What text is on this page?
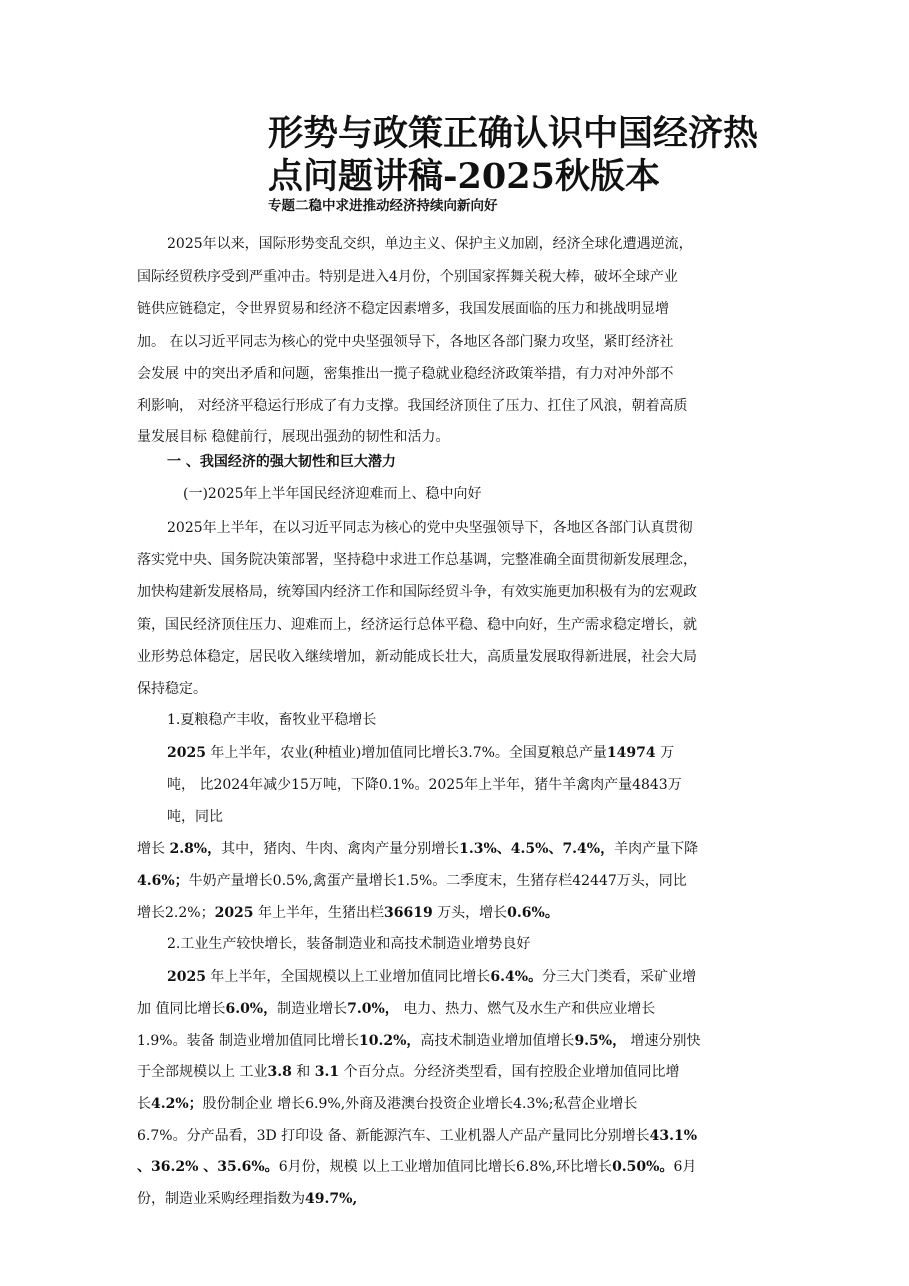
形势与政策正确认识中国经济热
点问题讲稿-2025秋版本
专题二稳中求进推动经济持续向新向好
2025年以来，国际形势变乱交织，单边主义、保护主义加剧，经济全球化遭遇逆流，
国际经贸秩序受到严重冲击。特别是进入4月份，个别国家挥舞关税大棒，破坏全球产业
链供应链稳定，令世界贸易和经济不稳定因素增多，我国发展面临的压力和挑战明显增
加。 在以习近平同志为核心的党中央坚强领导下，各地区各部门聚力攻坚，紧盯经济社
会发展 中的突出矛盾和问题，密集推出一揽子稳就业稳经济政策举措，有力对冲外部不
利影响， 对经济平稳运行形成了有力支撑。我国经济顶住了压力、扛住了风浪，朝着高质
量发展目标 稳健前行，展现出强劲的韧性和活力。
一 、我国经济的强大韧性和巨大潜力
(一)2025年上半年国民经济迎难而上、稳中向好
2025年上半年，在以习近平同志为核心的党中央坚强领导下，各地区各部门认真贯彻
落实党中央、国务院决策部署，坚持稳中求进工作总基调，完整准确全面贯彻新发展理念，
加快构建新发展格局，统筹国内经济工作和国际经贸斗争，有效实施更加积极有为的宏观政
策，国民经济顶住压力、迎难而上，经济运行总体平稳、稳中向好，生产需求稳定增长，就
业形势总体稳定，居民收入继续增加，新动能成长壮大，高质量发展取得新进展，社会大局
保持稳定。
1.夏粮稳产丰收，畜牧业平稳增长
2025 年上半年，农业(种植业)增加值同比增长3.7%。全国夏粮总产量14974 万
吨， 比2024年减少15万吨，下降0.1%。2025年上半年，猪牛羊禽肉产量4843万
吨，同比
增长 2.8%，其中，猪肉、牛肉、禽肉产量分别增长1.3%、4.5%、7.4%，羊肉产量下降
4.6%；牛奶产量增长0.5%,禽蛋产量增长1.5%。二季度末，生猪存栏42447万头，同比
增长2.2%；2025 年上半年，生猪出栏36619 万头，增长0.6%。
2.工业生产较快增长，装备制造业和高技术制造业增势良好
2025 年上半年，全国规模以上工业增加值同比增长6.4%。分三大门类看，采矿业增
加 值同比增长6.0%，制造业增长7.0%， 电力、热力、燃气及水生产和供应业增长
1.9%。装备 制造业增加值同比增长10.2%，高技术制造业增加值增长9.5%， 增速分别快
于全部规模以上 工业3.8 和 3.1 个百分点。分经济类型看，国有控股企业增加值同比增
长4.2%；股份制企业 增长6.9%,外商及港澳台投资企业增长4.3%;私营企业增长
6.7%。分产品看，3D 打印设 备、新能源汽车、工业机器人产品产量同比分别增长43.1%
、36.2% 、35.6%。6月份，规模 以上工业增加值同比增长6.8%,环比增长0.50%。6月
份，制造业采购经理指数为49.7%,
